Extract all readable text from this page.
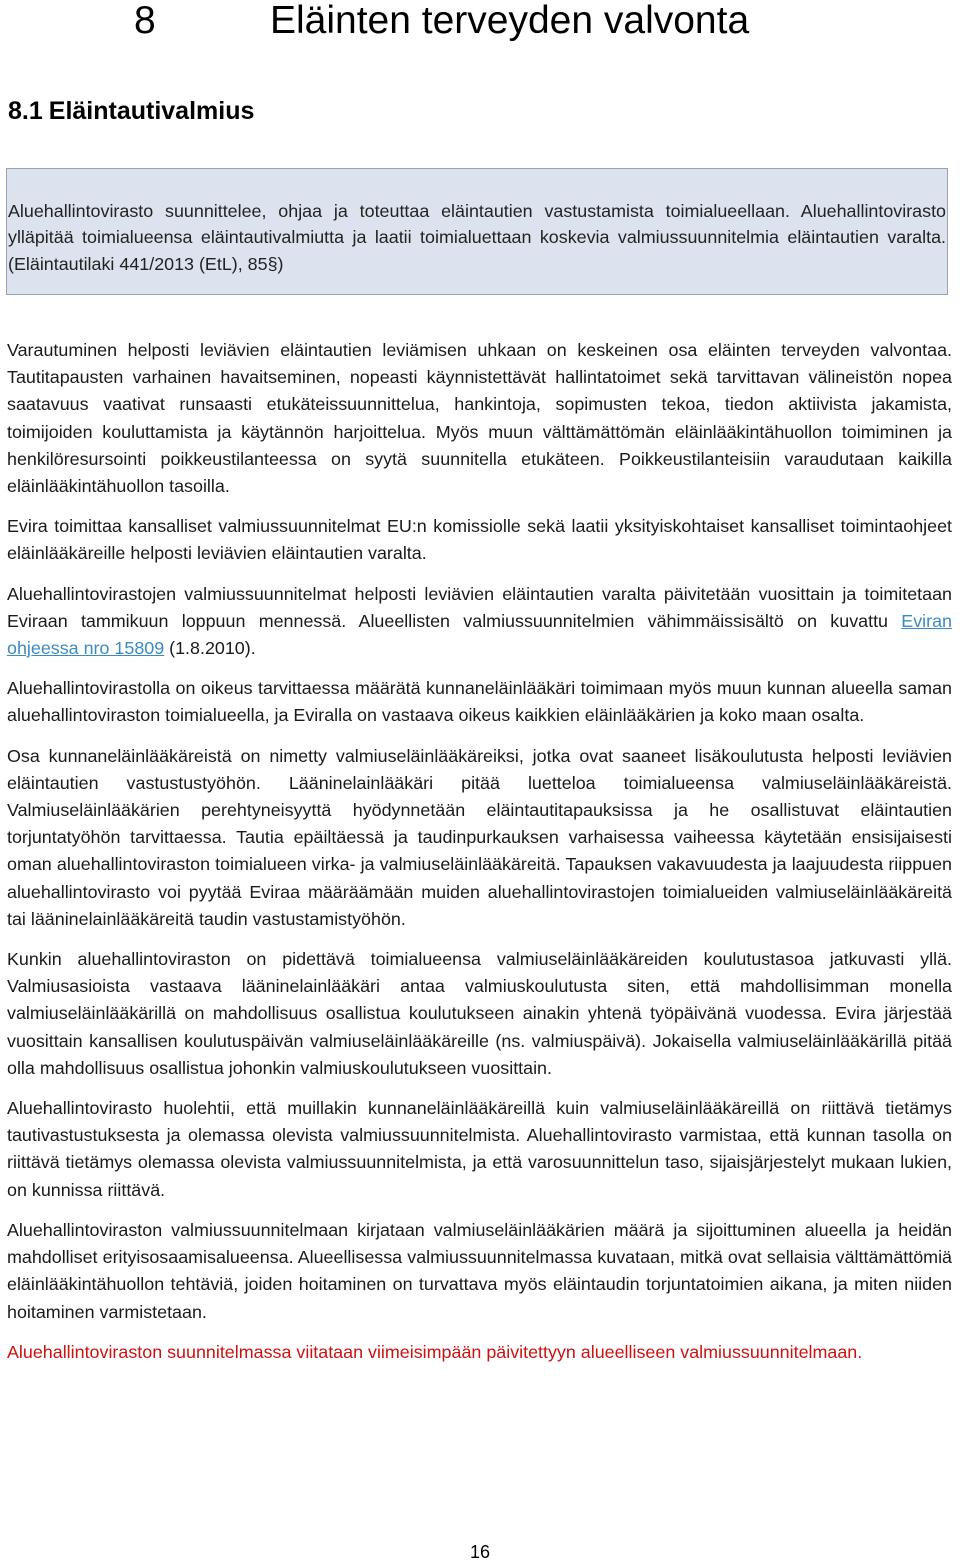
8	Eläinten terveyden valvonta
8.1 Eläintautivalmius
Aluehallintovirasto suunnittelee, ohjaa ja toteuttaa eläintautien vastustamista toimialueellaan. Aluehallintovirasto ylläpitää toimialueensa eläintautivalmiutta ja laatii toimialuettaan koskevia valmiussuunnitelmia eläintautien varalta. (Eläintautilaki 441/2013 (EtL), 85§)

Varautuminen helposti leviävien eläintautien leviämisen uhkaan on keskeinen osa eläinten terveyden valvontaa. Tautitapausten varhainen havaitseminen, nopeasti käynnistettävät hallintatoimet sekä tarvittavan välineistön nopea saatavuus vaativat runsaasti etukäteissuunnittelua, hankintoja, sopimusten tekoa, tiedon aktiivista jakamista, toimijoiden kouluttamista ja käytännön harjoittelua. Myös muun välttämättömän eläinlääkintähuollon toimiminen ja henkilöresursointi poikkeustilanteessa on syytä suunnitella etukäteen. Poikkeustilanteisiin varaudutaan kaikilla eläinlääkintähuollon tasoilla.

Evira toimittaa kansalliset valmiussuunnitelmat EU:n komissiolle sekä laatii yksityiskohtaiset kansalliset toimintaohjeet eläinlääkäreille helposti leviävien eläintautien varalta.

Aluehallintovirastojen valmiussuunnitelmat helposti leviävien eläintautien varalta päivitetään vuosittain ja toimitetaan Eviraan tammikuun loppuun mennessä. Alueellisten valmiussuunnitelmien vähimmäissisältö on kuvattu Eviran ohjeessa nro 15809 (1.8.2010).

Aluehallintovirastolla on oikeus tarvittaessa määrätä kunnaneläinlääkäri toimimaan myös muun kunnan alueella saman aluehallintoviraston toimialueella, ja Eviralla on vastaava oikeus kaikkien eläinlääkärien ja koko maan osalta.

Osa kunnaneläinlääkäreistä on nimetty valmiuseläinlääkäreiksi, jotka ovat saaneet lisäkoulutusta helposti leviävien eläintautien vastustustyöhön. Lääninelainlääkäri pitää luetteloa toimialueensa valmiuseläinlääkäreistä. Valmiuseläinlääkärien perehtyneisyyttä hyödynnetään eläintautitapauksissa ja he osallistuvat eläintautien torjuntatyöhön tarvittaessa. Tautia epäiltäessä ja taudinpurkauksen varhaisessa vaiheessa käytetään ensisijaisesti oman aluehallintoviraston toimialueen virka- ja valmiuseläinlääkäreitä. Tapauksen vakavuudesta ja laajuudesta riippuen aluehallintovirasto voi pyytää Eviraa määräämään muiden aluehallintovirastojen toimialueiden valmiuseläinlääkäreitä tai lääninelainlääkäreitä taudin vastustamistyöhön.

Kunkin aluehallintoviraston on pidettävä toimialueensa valmiuseläinlääkäreiden koulutustasoa jatkuvasti yllä. Valmiusasioista vastaava lääninelainlääkäri antaa valmiuskoulutusta siten, että mahdollisimman monella valmiuseläinlääkärillä on mahdollisuus osallistua koulutukseen ainakin yhtenä työpäivänä vuodessa. Evira järjestää vuosittain kansallisen koulutuspäivän valmiuseläinlääkäreille (ns. valmiuspäivä). Jokaisella valmiuseläinlääkärillä pitää olla mahdollisuus osallistua johonkin valmiuskoulutukseen vuosittain.

Aluehallintovirasto huolehtii, että muillakin kunnaneläinlääkäreillä kuin valmiuseläinlääkäreillä on riittävä tietämys tautivastustuksesta ja olemassa olevista valmiussuunnitelmista. Aluehallintovirasto varmistaa, että kunnan tasolla on riittävä tietämys olemassa olevista valmiussuunnitelmista, ja että varosuunnittelun taso, sijaisjärjestelyt mukaan lukien, on kunnissa riittävä.

Aluehallintoviraston valmiussuunnitelmaan kirjataan valmiuseläinlääkärien määrä ja sijoittuminen alueella ja heidän mahdolliset erityisosaamisalueensa. Alueellisessa valmiussuunnitelmassa kuvataan, mitkä ovat sellaisia välttämättömiä eläinlääkintähuollon tehtäviä, joiden hoitaminen on turvattava myös eläintaudin torjuntatoimien aikana, ja miten niiden hoitaminen varmistetaan.

Aluehallintoviraston suunnitelmassa viitataan viimeisimpään päivitettyyn alueelliseen valmiussuunnitelmaan.

16
